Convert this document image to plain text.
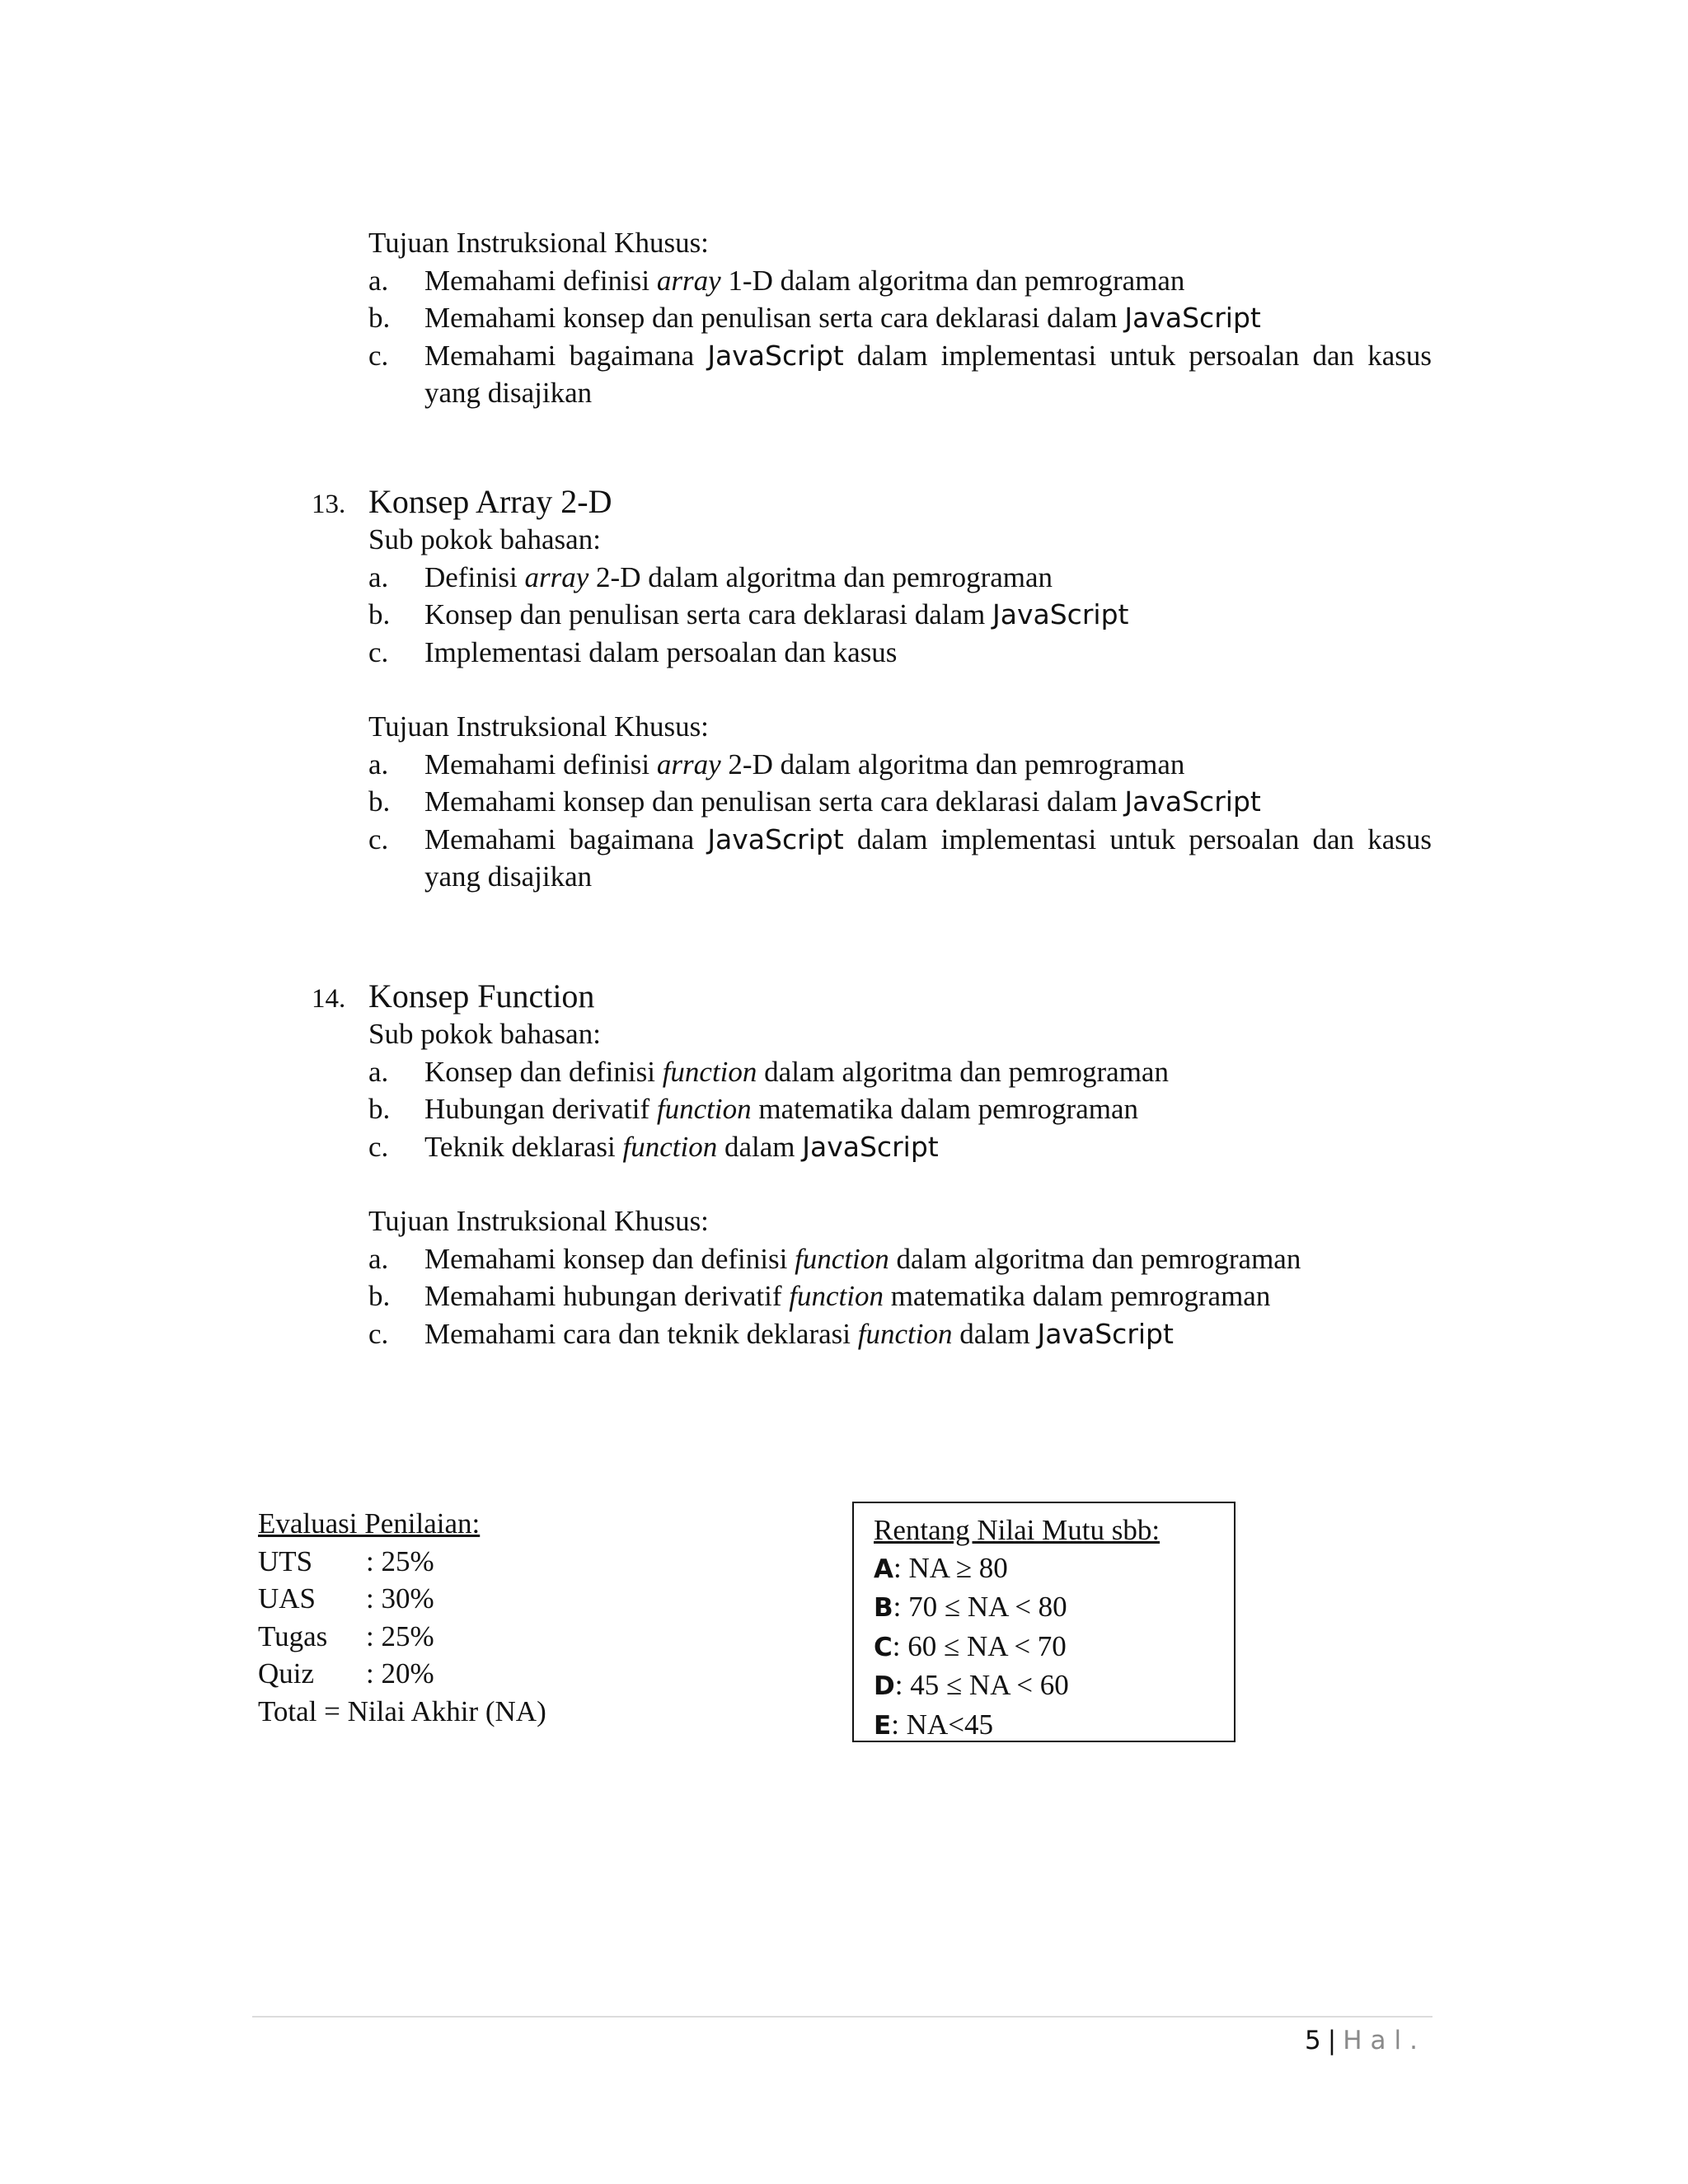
Tujuan Instruksional Khusus:
a. Memahami definisi array 1-D dalam algoritma dan pemrograman
b. Memahami konsep dan penulisan serta cara deklarasi dalam JavaScript
c. Memahami bagaimana JavaScript dalam implementasi untuk persoalan dan kasus yang disajikan
13. Konsep Array 2-D
Sub pokok bahasan:
a. Definisi array 2-D dalam algoritma dan pemrograman
b. Konsep dan penulisan serta cara deklarasi dalam JavaScript
c. Implementasi dalam persoalan dan kasus
Tujuan Instruksional Khusus:
a. Memahami definisi array 2-D dalam algoritma dan pemrograman
b. Memahami konsep dan penulisan serta cara deklarasi dalam JavaScript
c. Memahami bagaimana JavaScript dalam implementasi untuk persoalan dan kasus yang disajikan
14. Konsep Function
Sub pokok bahasan:
a. Konsep dan definisi function dalam algoritma dan pemrograman
b. Hubungan derivatif function matematika dalam pemrograman
c. Teknik deklarasi function dalam JavaScript
Tujuan Instruksional Khusus:
a. Memahami konsep dan definisi function dalam algoritma dan pemrograman
b. Memahami hubungan derivatif function matematika dalam pemrograman
c. Memahami cara dan teknik deklarasi function dalam JavaScript
Evaluasi Penilaian:
UTS : 25%
UAS : 30%
Tugas : 25%
Quiz : 20%
Total = Nilai Akhir (NA)
Rentang Nilai Mutu sbb:
A: NA ≥ 80
B: 70 ≤ NA < 80
C: 60 ≤ NA < 70
D: 45 ≤ NA < 60
E: NA<45
5 | Hal.
